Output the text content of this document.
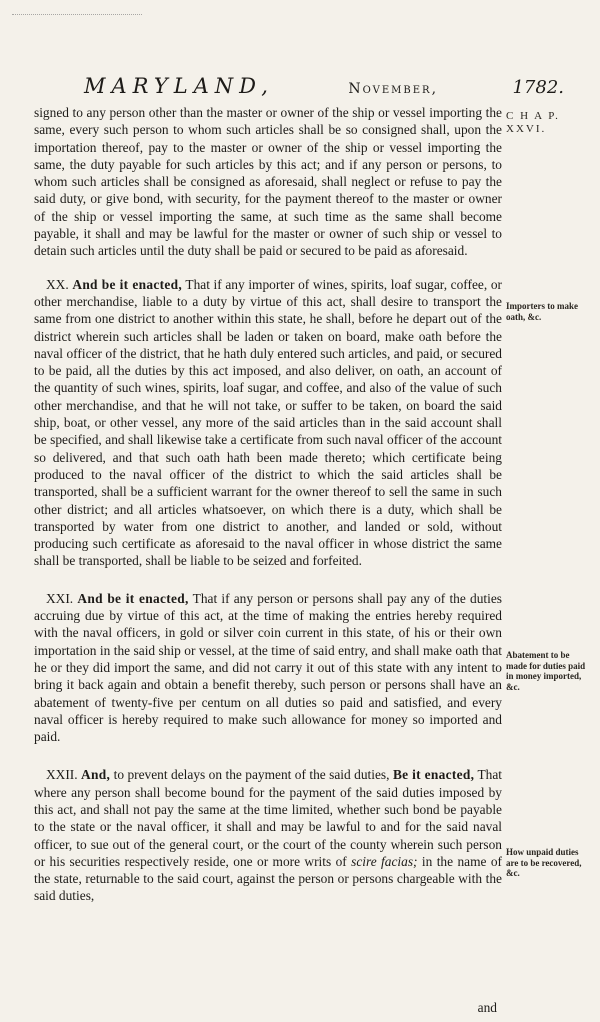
MARYLAND,	November,	1782.
C H A P. XXVI.
Importers to make oath, &c.
Abatement to be made for duties paid in money imported, &c.
How unpaid duties are to be recovered, &c.

signed to any person other than the master or owner of the ship or vessel importing the same, every such person to whom such articles shall be so consigned shall, upon the importation thereof, pay to the master or owner of the ship or vessel importing the same, the duty payable for such articles by this act; and if any person or persons, to whom such articles shall be consigned as aforesaid, shall neglect or refuse to pay the said duty, or give bond, with security, for the payment thereof to the master or owner of the ship or vessel importing the same, at such time as the same shall become payable, it shall and may be lawful for the master or owner of such ship or vessel to detain such articles until the duty shall be paid or secured to be paid as aforesaid.

XX. And be it enacted, That if any importer of wines, spirits, loaf sugar, coffee, or other merchandise, liable to a duty by virtue of this act, shall desire to transport the same from one district to another within this state, he shall, before he depart out of the district wherein such articles shall be laden or taken on board, make oath before the naval officer of the district, that he hath duly entered such articles, and paid, or secured to be paid, all the duties by this act imposed, and also deliver, on oath, an account of the quantity of such wines, spirits, loaf sugar, and coffee, and also of the value of such other merchandise, and that he will not take, or suffer to be taken, on board the said ship, boat, or other vessel, any more of the said articles than in the said account shall be specified, and shall likewise take a certificate from such naval officer of the account so delivered, and that such oath hath been made thereto; which certificate being produced to the naval officer of the district to which the said articles shall be transported, shall be a sufficient warrant for the owner thereof to sell the same in such other district; and all articles whatsoever, on which there is a duty, which shall be transported by water from one district to another, and landed or sold, without producing such certificate as aforesaid to the naval officer in whose district the same shall be transported, shall be liable to be seized and forfeited.

XXI. And be it enacted, That if any person or persons shall pay any of the duties accruing due by virtue of this act, at the time of making the entries hereby required with the naval officers, in gold or silver coin current in this state, of his or their own importation in the said ship or vessel, at the time of said entry, and shall make oath that he or they did import the same, and did not carry it out of this state with any intent to bring it back again and obtain a benefit thereby, such person or persons shall have an abatement of twenty-five per centum on all duties so paid and satisfied, and every naval officer is hereby required to make such allowance for money so imported and paid.

XXII. And, to prevent delays on the payment of the said duties, Be it enacted, That where any person shall become bound for the payment of the said duties imposed by this act, and shall not pay the same at the time limited, whether such bond be payable to the state or the naval officer, it shall and may be lawful to and for the said naval officer, to sue out of the general court, or the court of the county wherein such person or his securities respectively reside, one or more writs of scire facias; in the name of the state, returnable to the said court, against the person or persons chargeable with the said duties,

and
